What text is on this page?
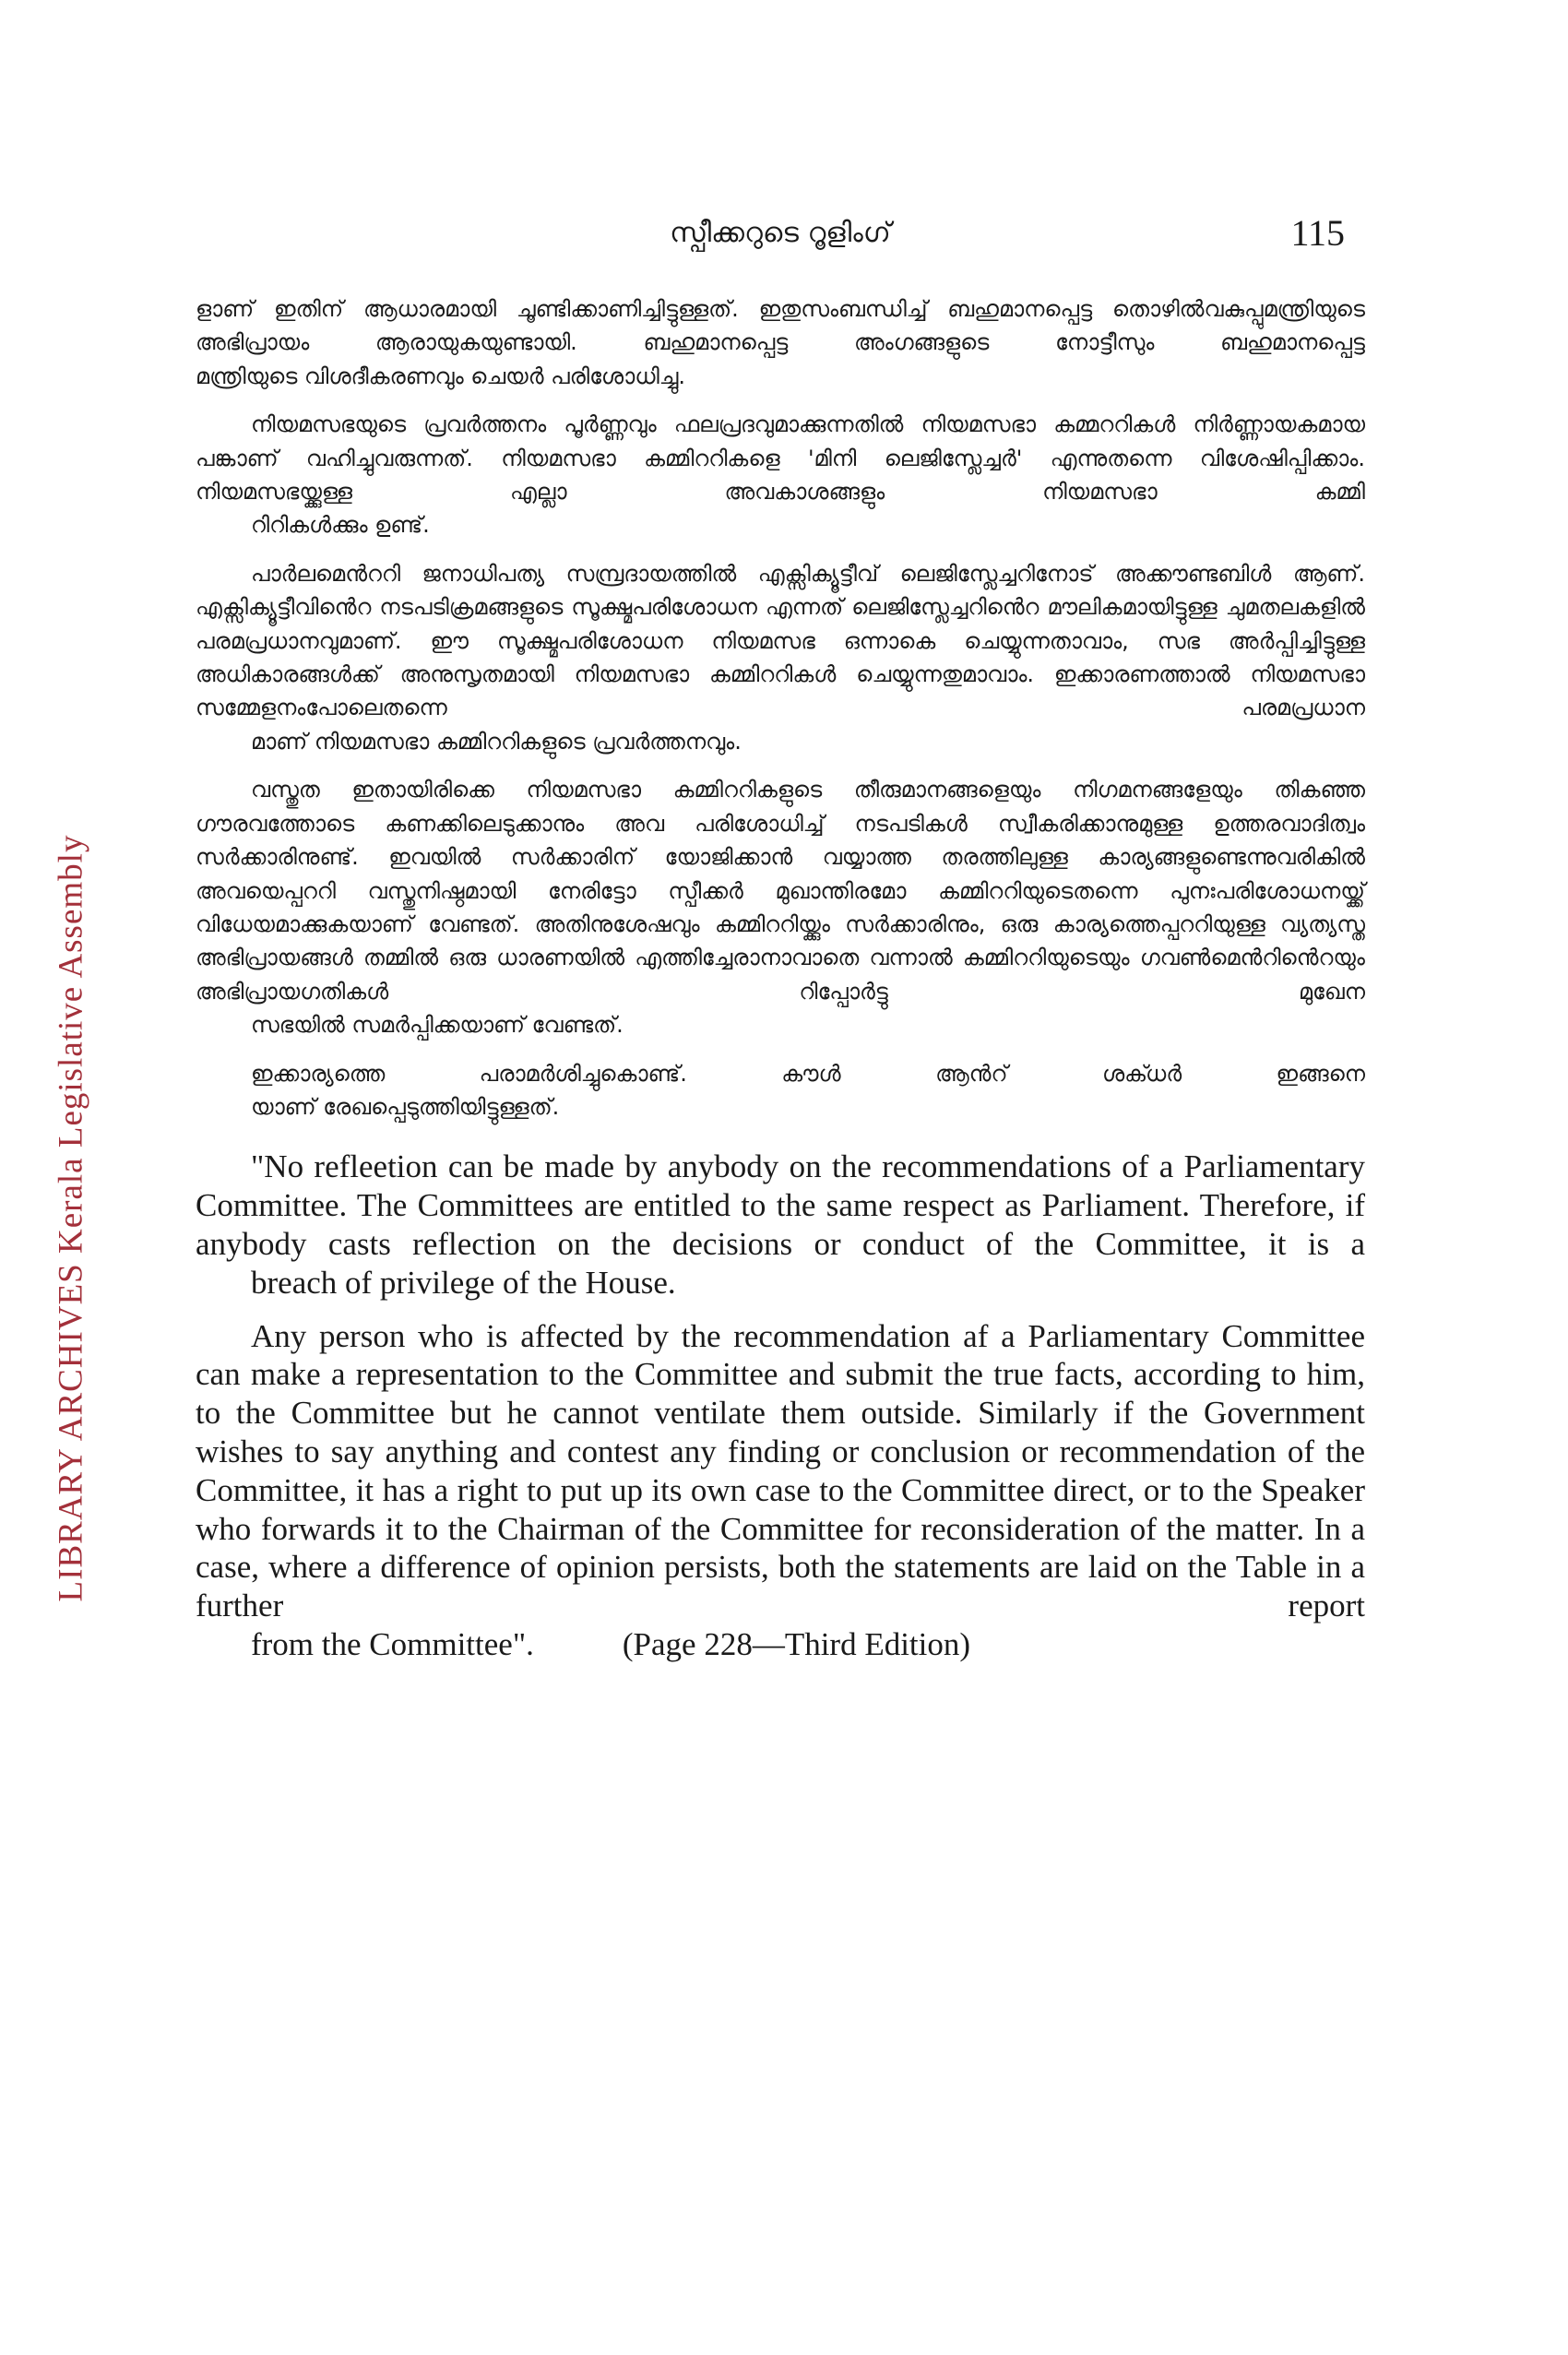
LIBRARY ARCHIVES Kerala Legislative Assembly
സ്പീക്കറുടെ റൂളിംഗ്	115

ളാണ് ഇതിന് ആധാരമായി ചൂണ്ടിക്കാണിച്ചിട്ടുള്ളത്. ഇതുസംബന്ധിച്ച് ബഹുമാനപ്പെട്ട തൊഴിൽവകുപ്പുമന്ത്രിയുടെ അഭിപ്രായം ആരായുകയുണ്ടായി. ബഹുമാനപ്പെട്ട അംഗങ്ങളുടെ നോട്ടീസും ബഹുമാനപ്പെട്ട
മന്ത്രിയുടെ വിശദീകരണവും ചെയർ പരിശോധിച്ചു.

നിയമസഭയുടെ പ്രവർത്തനം പൂർണ്ണവും ഫലപ്രദവുമാക്കുന്നതിൽ നിയമസഭാ കമ്മററികൾ നിർണ്ണായകമായ പങ്കാണ് വഹിച്ചുവരുന്നത്. നിയമസഭാ കമ്മിററികളെ 'മിനി ലെജിസ്ലേച്ചർ' എന്നുതന്നെ വിശേഷിപ്പിക്കാം. നിയമസഭയ്ക്കുള്ള എല്ലാ അവകാശങ്ങളും നിയമസഭാ കമ്മി
റിറികൾക്കും ഉണ്ട്.

പാർലമെൻററി ജനാധിപത്യ സമ്പ്രദായത്തിൽ എക്സിക്യൂട്ടീവ് ലെജിസ്ലേച്ചറിനോട് അക്കൗണ്ടബിൾ ആണ്. എക്സിക്യൂട്ടീവിൻെറ നടപടിക്രമങ്ങളുടെ സൂക്ഷ്മപരിശോധന എന്നത് ലെജിസ്ലേച്ചറിൻെറ മൗലികമായിട്ടുള്ള ചുമതലകളിൽ പരമപ്രധാനവുമാണ്. ഈ സൂക്ഷ്മപരിശോധന നിയമസഭ ഒന്നാകെ ചെയ്യുന്നതാവാം, സഭ അർപ്പിച്ചിട്ടുള്ള അധികാരങ്ങൾക്ക് അനുസൃതമായി നിയമസഭാ കമ്മിററികൾ ചെയ്യുന്നതുമാവാം. ഇക്കാരണത്താൽ നിയമസഭാ സമ്മേളനംപോലെതന്നെ പരമപ്രധാന
മാണ് നിയമസഭാ കമ്മിററികളുടെ പ്രവർത്തനവും.

വസ്തുത ഇതായിരിക്കെ നിയമസഭാ കമ്മിററികളുടെ തീരുമാനങ്ങളെയും നിഗമനങ്ങളേയും തികഞ്ഞ ഗൗരവത്തോടെ കണക്കിലെടുക്കാനും അവ പരിശോധിച്ച് നടപടികൾ സ്വീകരിക്കാനുമുള്ള ഉത്തരവാദിത്വം സർക്കാരിനുണ്ട്. ഇവയിൽ സർക്കാരിന് യോജിക്കാൻ വയ്യാത്ത തരത്തിലുള്ള കാര്യങ്ങളുണ്ടെന്നുവരികിൽ അവയെപ്പററി വസ്തുനിഷ്ഠമായി നേരിട്ടോ സ്പീക്കർ മുഖാന്തിരമോ കമ്മിററിയുടെതന്നെ പുനഃപരിശോധനയ്ക്ക് വിധേയമാക്കുകയാണ് വേണ്ടത്. അതിനുശേഷവും കമ്മിററിയ്ക്കും സർക്കാരിനും, ഒരു കാര്യത്തെപ്പററിയുള്ള വ്യത്യസ്ത അഭിപ്രായങ്ങൾ തമ്മിൽ ഒരു ധാരണയിൽ എത്തിച്ചേരാനാവാതെ വന്നാൽ കമ്മിററിയുടെയും ഗവൺമെൻറിൻെറയും അഭിപ്രായഗതികൾ റിപ്പോർട്ടു മുഖേന
സഭയിൽ സമർപ്പിക്കയാണ് വേണ്ടത്.

ഇക്കാര്യത്തെ പരാമർശിച്ചുകൊണ്ട്. കൗൾ ആൻറ് ശക്ധർ ഇങ്ങനെ
യാണ് രേഖപ്പെടുത്തിയിട്ടുള്ളത്.

"No refleetion can be made by anybody on the recommendations of a Parliamentary Committee. The Committees are entitled to the same respect as Parliament. Therefore, if anybody casts reflection on the decisions or conduct of the Committee, it is a
breach of privilege of the House.

Any person who is affected by the recommendation af a Parliamentary Committee can make a representation to the Committee and submit the true facts, according to him, to the Committee but he cannot ventilate them outside. Similarly if the Government wishes to say anything and contest any finding or conclusion or recommendation of the Committee, it has a right to put up its own case to the Committee direct, or to the Speaker who forwards it to the Chairman of the Committee for reconsideration of the matter. In a case, where a difference of opinion persists, both the statements are laid on the Table in a further report
from the Committee".	(Page 228—Third Edition)
